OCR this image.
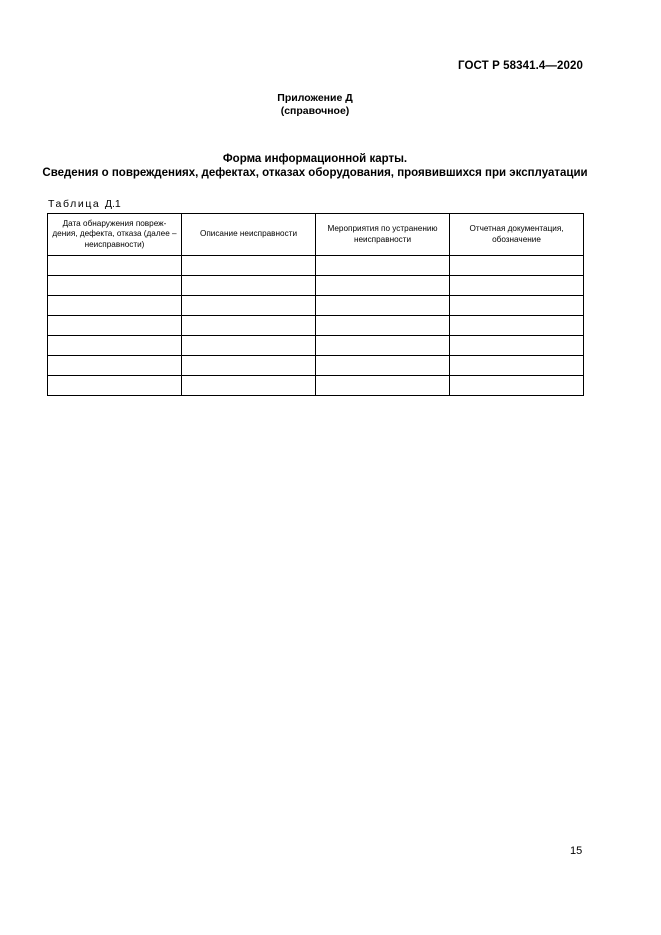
ГОСТ Р 58341.4—2020
Приложение Д
(справочное)
Форма информационной карты.
Сведения о повреждениях, дефектах, отказах оборудования, проявившихся при эксплуатации
Таблица Д.1
Дата обнаружения повреж-дения, дефекта, отказа (далее – неисправности)	Описание неисправности	Мероприятия по устранению неисправности	Отчетная документация, обозначение

15
